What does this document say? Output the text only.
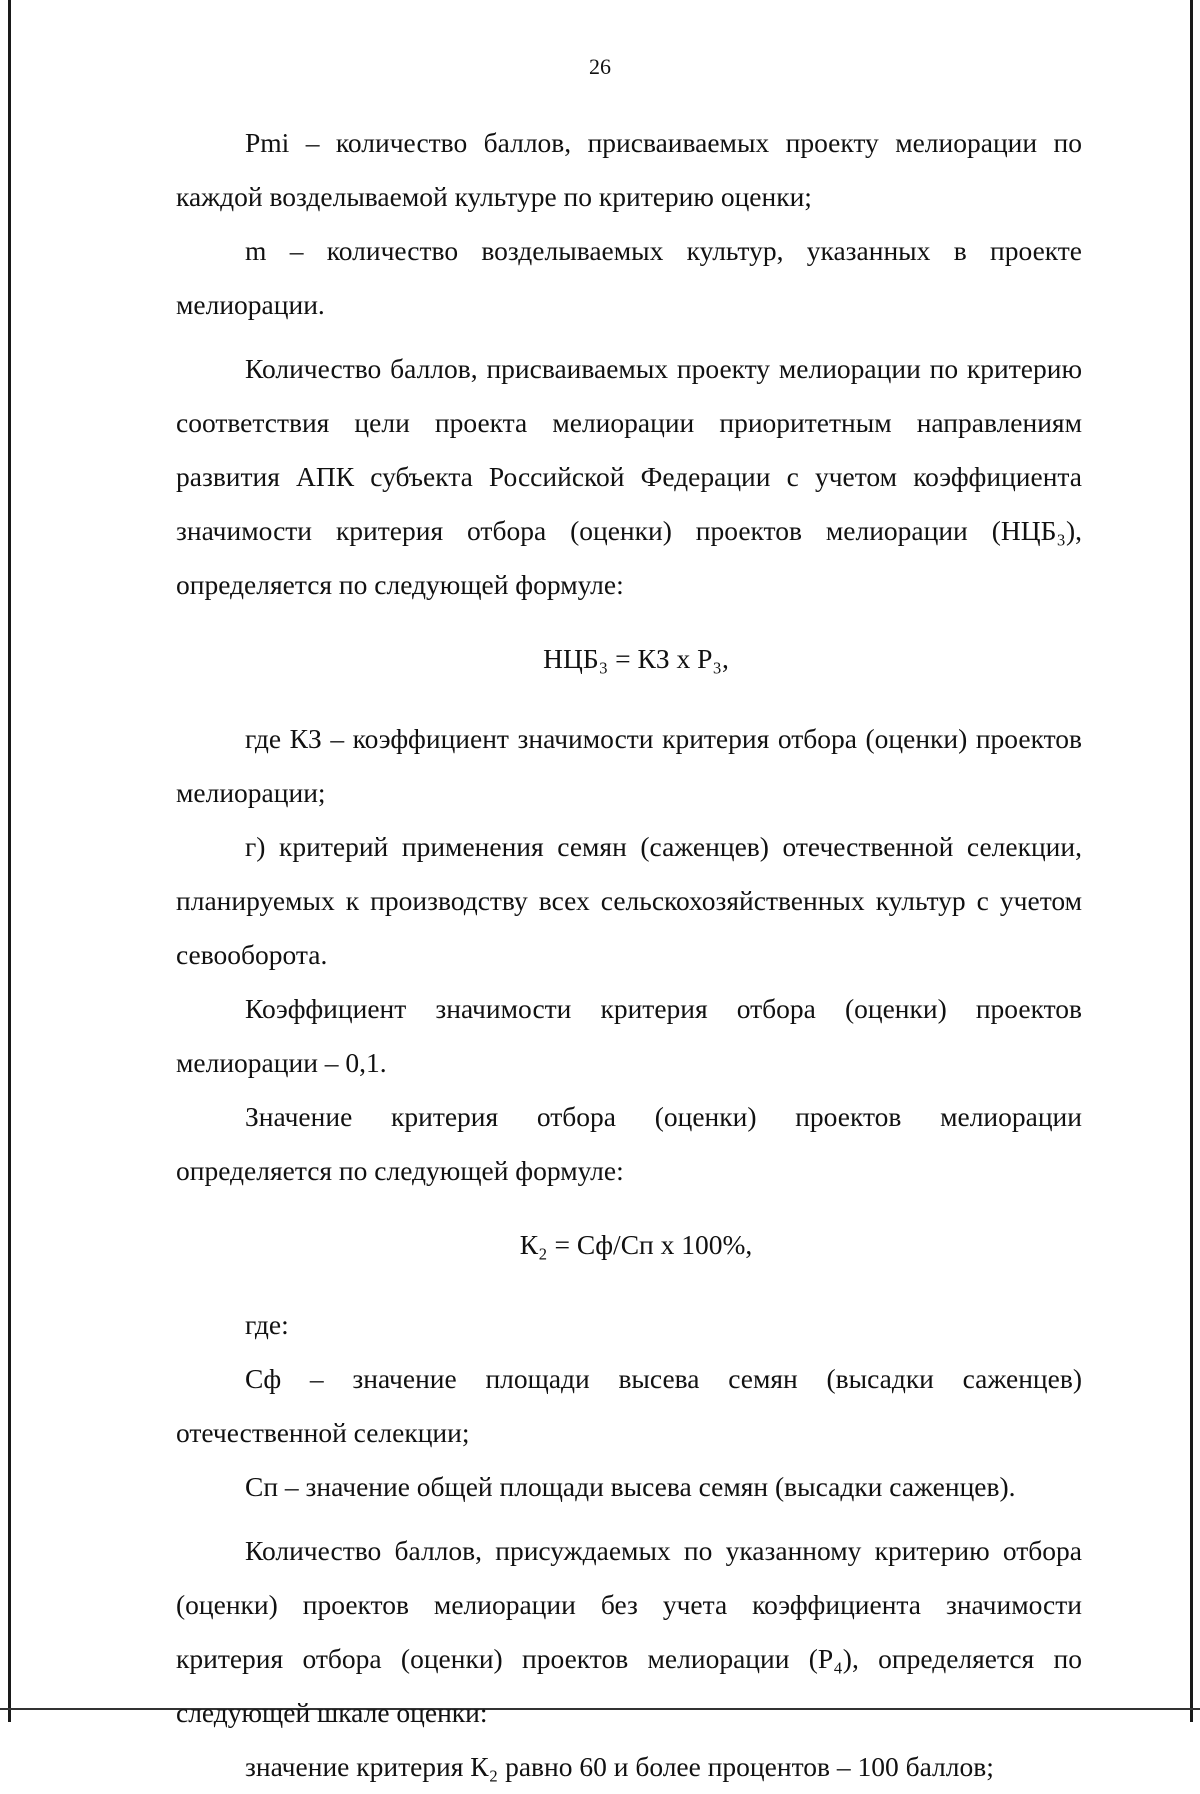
26

Pmi – количество баллов, присваиваемых проекту мелиорации по каждой возделываемой культуре по критерию оценки;

m – количество возделываемых культур, указанных в проекте мелиорации.

Количество баллов, присваиваемых проекту мелиорации по критерию соответствия цели проекта мелиорации приоритетным направлениям развития АПК субъекта Российской Федерации с учетом коэффициента значимости критерия отбора (оценки) проектов мелиорации (НЦБ₃), определяется по следующей формуле:

НЦБ₃ = КЗ х Р₃,

где КЗ – коэффициент значимости критерия отбора (оценки) проектов мелиорации;

г) критерий применения семян (саженцев) отечественной селекции, планируемых к производству всех сельскохозяйственных культур с учетом севооборота.

Коэффициент значимости критерия отбора (оценки) проектов мелиорации – 0,1.

Значение критерия отбора (оценки) проектов мелиорации определяется по следующей формуле:

К₂ = Сф/Сп х 100%,

где:

Сф – значение площади высева семян (высадки саженцев) отечественной селекции;

Сп – значение общей площади высева семян (высадки саженцев).

Количество баллов, присуждаемых по указанному критерию отбора (оценки) проектов мелиорации без учета коэффициента значимости критерия отбора (оценки) проектов мелиорации (Р₄), определяется по следующей шкале оценки:

значение критерия К₂ равно 60 и более процентов – 100 баллов;
